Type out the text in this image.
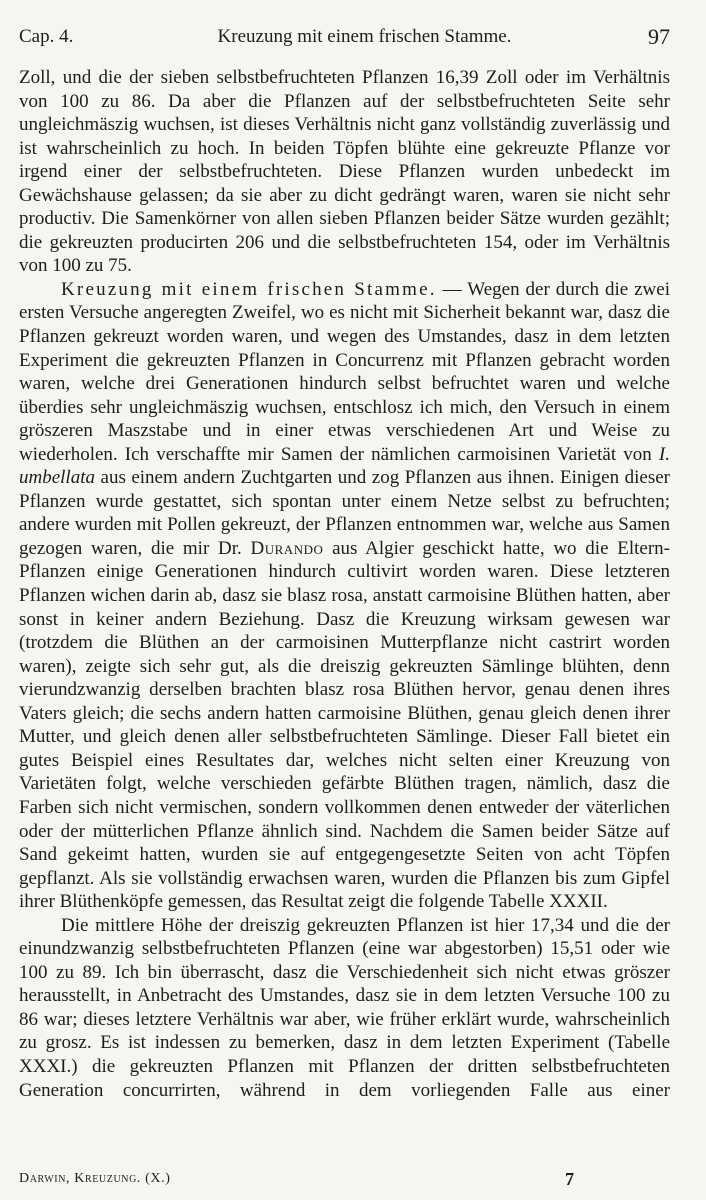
Cap. 4.	Kreuzung mit einem frischen Stamme.	97

Zoll, und die der sieben selbstbefruchteten Pflanzen 16,39 Zoll oder im Verhältnis von 100 zu 86. Da aber die Pflanzen auf der selbstbefruchteten Seite sehr ungleichmäszig wuchsen, ist dieses Verhältnis nicht ganz vollständig zuverlässig und ist wahrscheinlich zu hoch. In beiden Töpfen blühte eine gekreuzte Pflanze vor irgend einer der selbstbefruchteten. Diese Pflanzen wurden unbedeckt im Gewächshause gelassen; da sie aber zu dicht gedrängt waren, waren sie nicht sehr productiv. Die Samenkörner von allen sieben Pflanzen beider Sätze wurden gezählt; die gekreuzten producirten 206 und die selbstbefruchteten 154, oder im Verhältnis von 100 zu 75.

Kreuzung mit einem frischen Stamme. — Wegen der durch die zwei ersten Versuche angeregten Zweifel, wo es nicht mit Sicherheit bekannt war, dasz die Pflanzen gekreuzt worden waren, und wegen des Umstandes, dasz in dem letzten Experiment die gekreuzten Pflanzen in Concurrenz mit Pflanzen gebracht worden waren, welche drei Generationen hindurch selbst befruchtet waren und welche überdies sehr ungleichmäszig wuchsen, entschlosz ich mich, den Versuch in einem gröszeren Maszstabe und in einer etwas verschiedenen Art und Weise zu wiederholen. Ich verschaffte mir Samen der nämlichen carmoisinen Varietät von I. umbellata aus einem andern Zuchtgarten und zog Pflanzen aus ihnen. Einigen dieser Pflanzen wurde gestattet, sich spontan unter einem Netze selbst zu befruchten; andere wurden mit Pollen gekreuzt, der Pflanzen entnommen war, welche aus Samen gezogen waren, die mir Dr. Durando aus Algier geschickt hatte, wo die Eltern-Pflanzen einige Generationen hindurch cultivirt worden waren. Diese letzteren Pflanzen wichen darin ab, dasz sie blasz rosa, anstatt carmoisine Blüthen hatten, aber sonst in keiner andern Beziehung. Dasz die Kreuzung wirksam gewesen war (trotzdem die Blüthen an der carmoisinen Mutterpflanze nicht castrirt worden waren), zeigte sich sehr gut, als die dreiszig gekreuzten Sämlinge blühten, denn vierundzwanzig derselben brachten blasz rosa Blüthen hervor, genau denen ihres Vaters gleich; die sechs andern hatten carmoisine Blüthen, genau gleich denen ihrer Mutter, und gleich denen aller selbstbefruchteten Sämlinge. Dieser Fall bietet ein gutes Beispiel eines Resultates dar, welches nicht selten einer Kreuzung von Varietäten folgt, welche verschieden gefärbte Blüthen tragen, nämlich, dasz die Farben sich nicht vermischen, sondern vollkommen denen entweder der väterlichen oder der mütterlichen Pflanze ähnlich sind. Nachdem die Samen beider Sätze auf Sand gekeimt hatten, wurden sie auf entgegengesetzte Seiten von acht Töpfen gepflanzt. Als sie vollständig erwachsen waren, wurden die Pflanzen bis zum Gipfel ihrer Blüthenköpfe gemessen, das Resultat zeigt die folgende Tabelle XXXII.

Die mittlere Höhe der dreiszig gekreuzten Pflanzen ist hier 17,34 und die der einundzwanzig selbstbefruchteten Pflanzen (eine war abgestorben) 15,51 oder wie 100 zu 89. Ich bin überrascht, dasz die Verschiedenheit sich nicht etwas gröszer herausstellt, in Anbetracht des Umstandes, dasz sie in dem letzten Versuche 100 zu 86 war; dieses letztere Verhältnis war aber, wie früher erklärt wurde, wahrscheinlich zu grosz. Es ist indessen zu bemerken, dasz in dem letzten Experiment (Tabelle XXXI.) die gekreuzten Pflanzen mit Pflanzen der dritten selbstbefruchteten Generation concurrirten, während in dem vorliegenden Falle aus einer

Darwin, Kreuzung. (X.)	7
